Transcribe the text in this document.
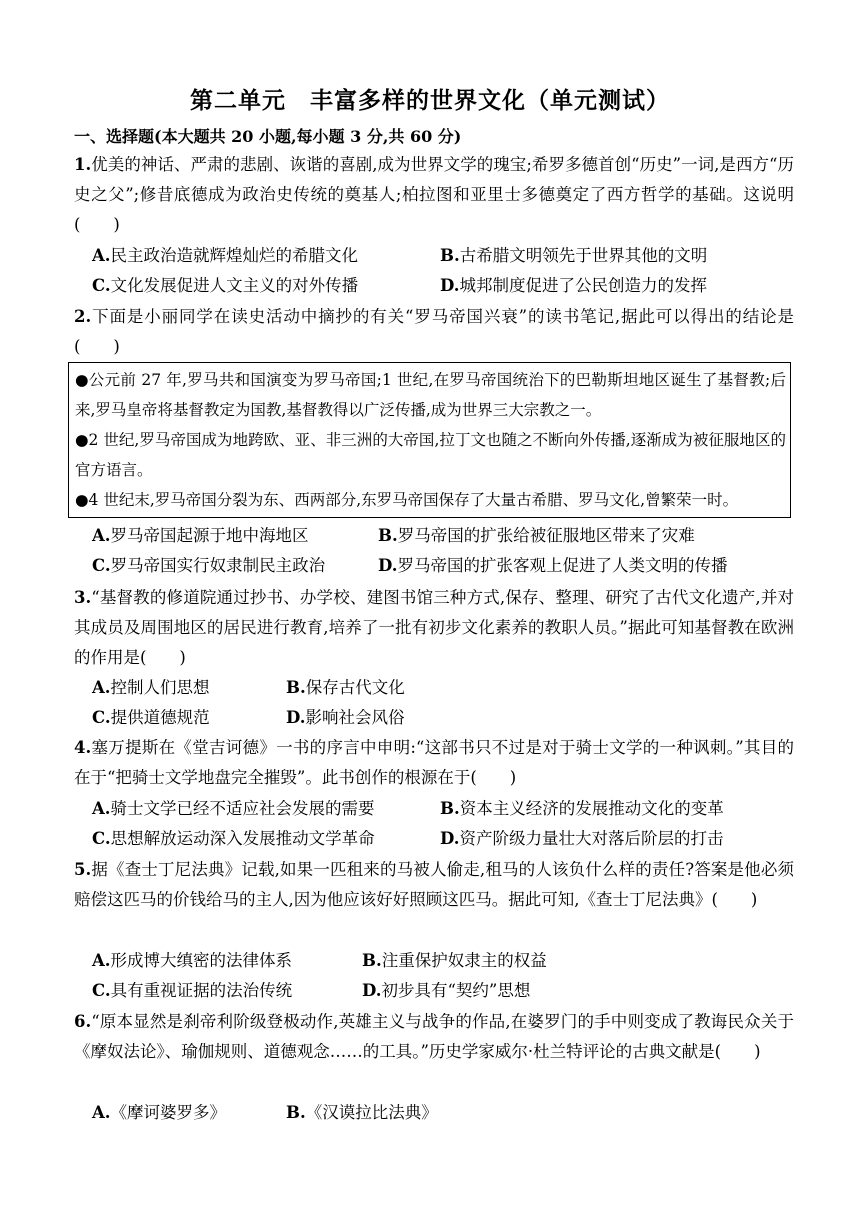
第二单元　丰富多样的世界文化（单元测试）
一、选择题(本大题共 20 小题,每小题 3 分,共 60 分)
1.优美的神话、严肃的悲剧、诙谐的喜剧,成为世界文学的瑰宝;希罗多德首创“历史”一词,是西方“历史之父”;修昔底德成为政治史传统的奠基人;柏拉图和亚里士多德奠定了西方哲学的基础。这说明(　　)
A.民主政治造就辉煌灿烂的希腊文化	B.古希腊文明领先于世界其他的文明
C.文化发展促进人文主义的对外传播	D.城邦制度促进了公民创造力的发挥
2.下面是小丽同学在读史活动中摘抄的有关“罗马帝国兴衰”的读书笔记,据此可以得出的结论是(　　)

●公元前 27 年,罗马共和国演变为罗马帝国;1 世纪,在罗马帝国统治下的巴勒斯坦地区诞生了基督教;后来,罗马皇帝将基督教定为国教,基督教得以广泛传播,成为世界三大宗教之一。

●2 世纪,罗马帝国成为地跨欧、亚、非三洲的大帝国,拉丁文也随之不断向外传播,逐渐成为被征服地区的官方语言。

●4 世纪末,罗马帝国分裂为东、西两部分,东罗马帝国保存了大量古希腊、罗马文化,曾繁荣一时。

A.罗马帝国起源于地中海地区	B.罗马帝国的扩张给被征服地区带来了灾难
C.罗马帝国实行奴隶制民主政治	D.罗马帝国的扩张客观上促进了人类文明的传播
3.“基督教的修道院通过抄书、办学校、建图书馆三种方式,保存、整理、研究了古代文化遗产,并对其成员及周围地区的居民进行教育,培养了一批有初步文化素养的教职人员。”据此可知基督教在欧洲的作用是(　　)
A.控制人们思想	B.保存古代文化
C.提供道德规范	D.影响社会风俗
4.塞万提斯在《堂吉诃德》一书的序言中申明:“这部书只不过是对于骑士文学的一种讽刺。”其目的在于“把骑士文学地盘完全摧毁”。此书创作的根源在于(　　)
A.骑士文学已经不适应社会发展的需要	B.资本主义经济的发展推动文化的变革
C.思想解放运动深入发展推动文学革命	D.资产阶级力量壮大对落后阶层的打击
5.据《查士丁尼法典》记载,如果一匹租来的马被人偷走,租马的人该负什么样的责任?答案是他必须赔偿这匹马的价钱给马的主人,因为他应该好好照顾这匹马。据此可知,《查士丁尼法典》(　　)
A.形成博大缜密的法律体系	B.注重保护奴隶主的权益
C.具有重视证据的法治传统	D.初步具有“契约”思想
6.“原本显然是刹帝利阶级登极动作,英雄主义与战争的作品,在婆罗门的手中则变成了教诲民众关于《摩奴法论》、瑜伽规则、道德观念……的工具。”历史学家威尔·杜兰特评论的古典文献是(　　)
A.《摩诃婆罗多》	B.《汉谟拉比法典》
